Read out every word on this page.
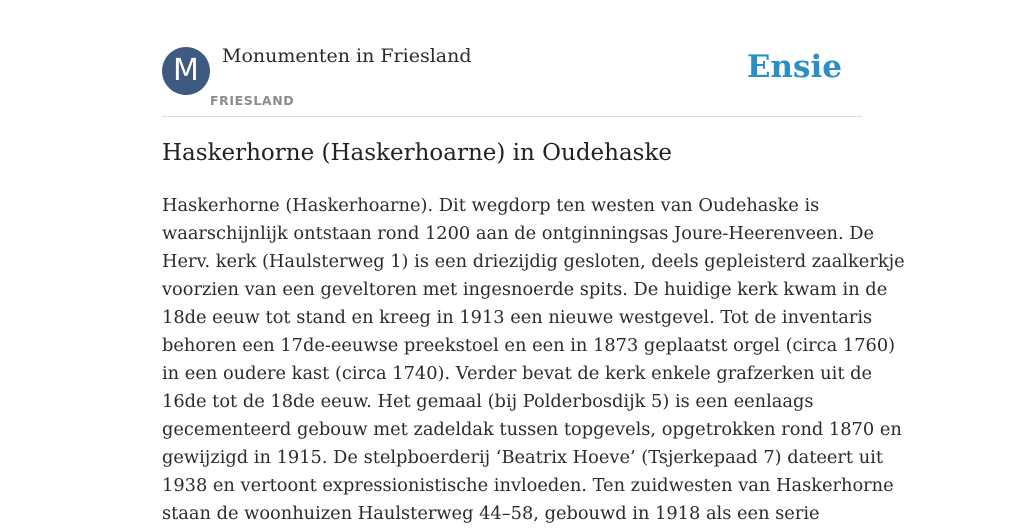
M	Monumenten in Friesland
FRIESLAND
Ensie
Haskerhorne (Haskerhoarne) in Oudehaske

Haskerhorne (Haskerhoarne). Dit wegdorp ten westen van Oudehaske is
waarschijnlijk ontstaan rond 1200 aan de ontginningsas Joure-Heerenveen. De
Herv. kerk (Haulsterweg 1) is een driezijdig gesloten, deels gepleisterd zaalkerkje
voorzien van een geveltoren met ingesnoerde spits. De huidige kerk kwam in de
18de eeuw tot stand en kreeg in 1913 een nieuwe westgevel. Tot de inventaris
behoren een 17de-eeuwse preekstoel en een in 1873 geplaatst orgel (circa 1760)
in een oudere kast (circa 1740). Verder bevat de kerk enkele grafzerken uit de
16de tot de 18de eeuw. Het gemaal (bij Polderbosdijk 5) is een eenlaags
gecementeerd gebouw met zadeldak tussen topgevels, opgetrokken rond 1870 en
gewijzigd in 1915. De stelpboerderij ‘Beatrix Hoeve’ (Tsjerkepaad 7) dateert uit
1938 en vertoont expressionistische invloeden. Ten zuidwesten van Haskerhorne
staan de woonhuizen Haulsterweg 44–58, gebouwd in 1918 als een serie
